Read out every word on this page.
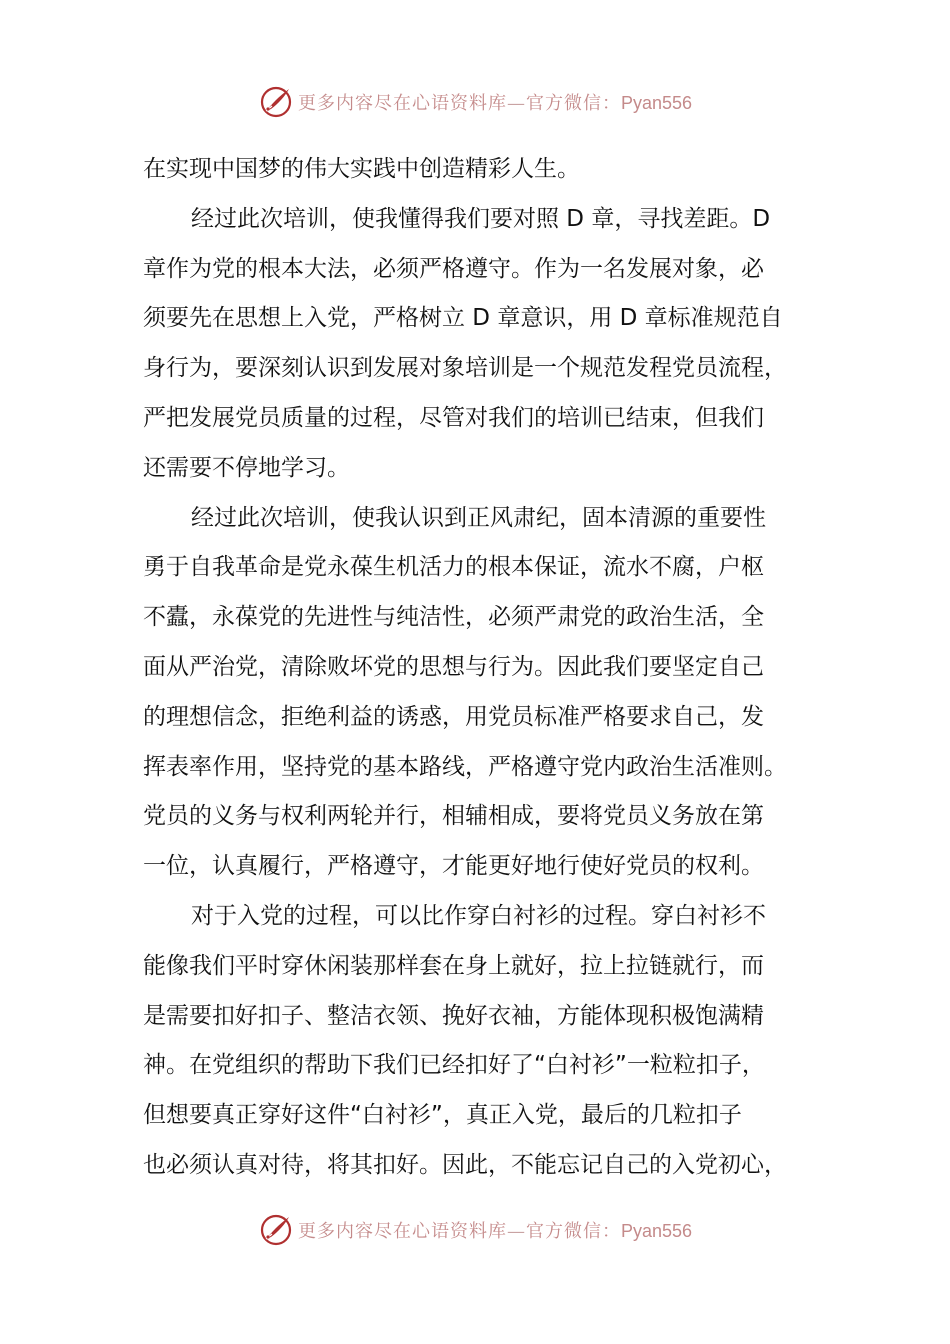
更多内容尽在心语资料库—官方微信：Pyan556
在实现中国梦的伟大实践中创造精彩人生。
经过此次培训，使我懂得我们要对照 D 章，寻找差距。D
章作为党的根本大法，必须严格遵守。作为一名发展对象，必
须要先在思想上入党，严格树立 D 章意识，用 D 章标准规范自
身行为，要深刻认识到发展对象培训是一个规范发程党员流程，
严把发展党员质量的过程，尽管对我们的培训已结束，但我们
还需要不停地学习。
经过此次培训，使我认识到正风肃纪，固本清源的重要性
勇于自我革命是党永葆生机活力的根本保证，流水不腐，户枢
不蠹，永葆党的先进性与纯洁性，必须严肃党的政治生活，全
面从严治党，清除败坏党的思想与行为。因此我们要坚定自己
的理想信念，拒绝利益的诱惑，用党员标准严格要求自己，发
挥表率作用，坚持党的基本路线，严格遵守党内政治生活准则。
党员的义务与权利两轮并行，相辅相成，要将党员义务放在第
一位，认真履行，严格遵守，才能更好地行使好党员的权利。
对于入党的过程，可以比作穿白衬衫的过程。穿白衬衫不
能像我们平时穿休闲装那样套在身上就好，拉上拉链就行，而
是需要扣好扣子、整洁衣领、挽好衣袖，方能体现积极饱满精
神。在党组织的帮助下我们已经扣好了“白衬衫”一粒粒扣子，
但想要真正穿好这件“白衬衫”，真正入党，最后的几粒扣子
也必须认真对待，将其扣好。因此，不能忘记自己的入党初心，
更多内容尽在心语资料库—官方微信：Pyan556
